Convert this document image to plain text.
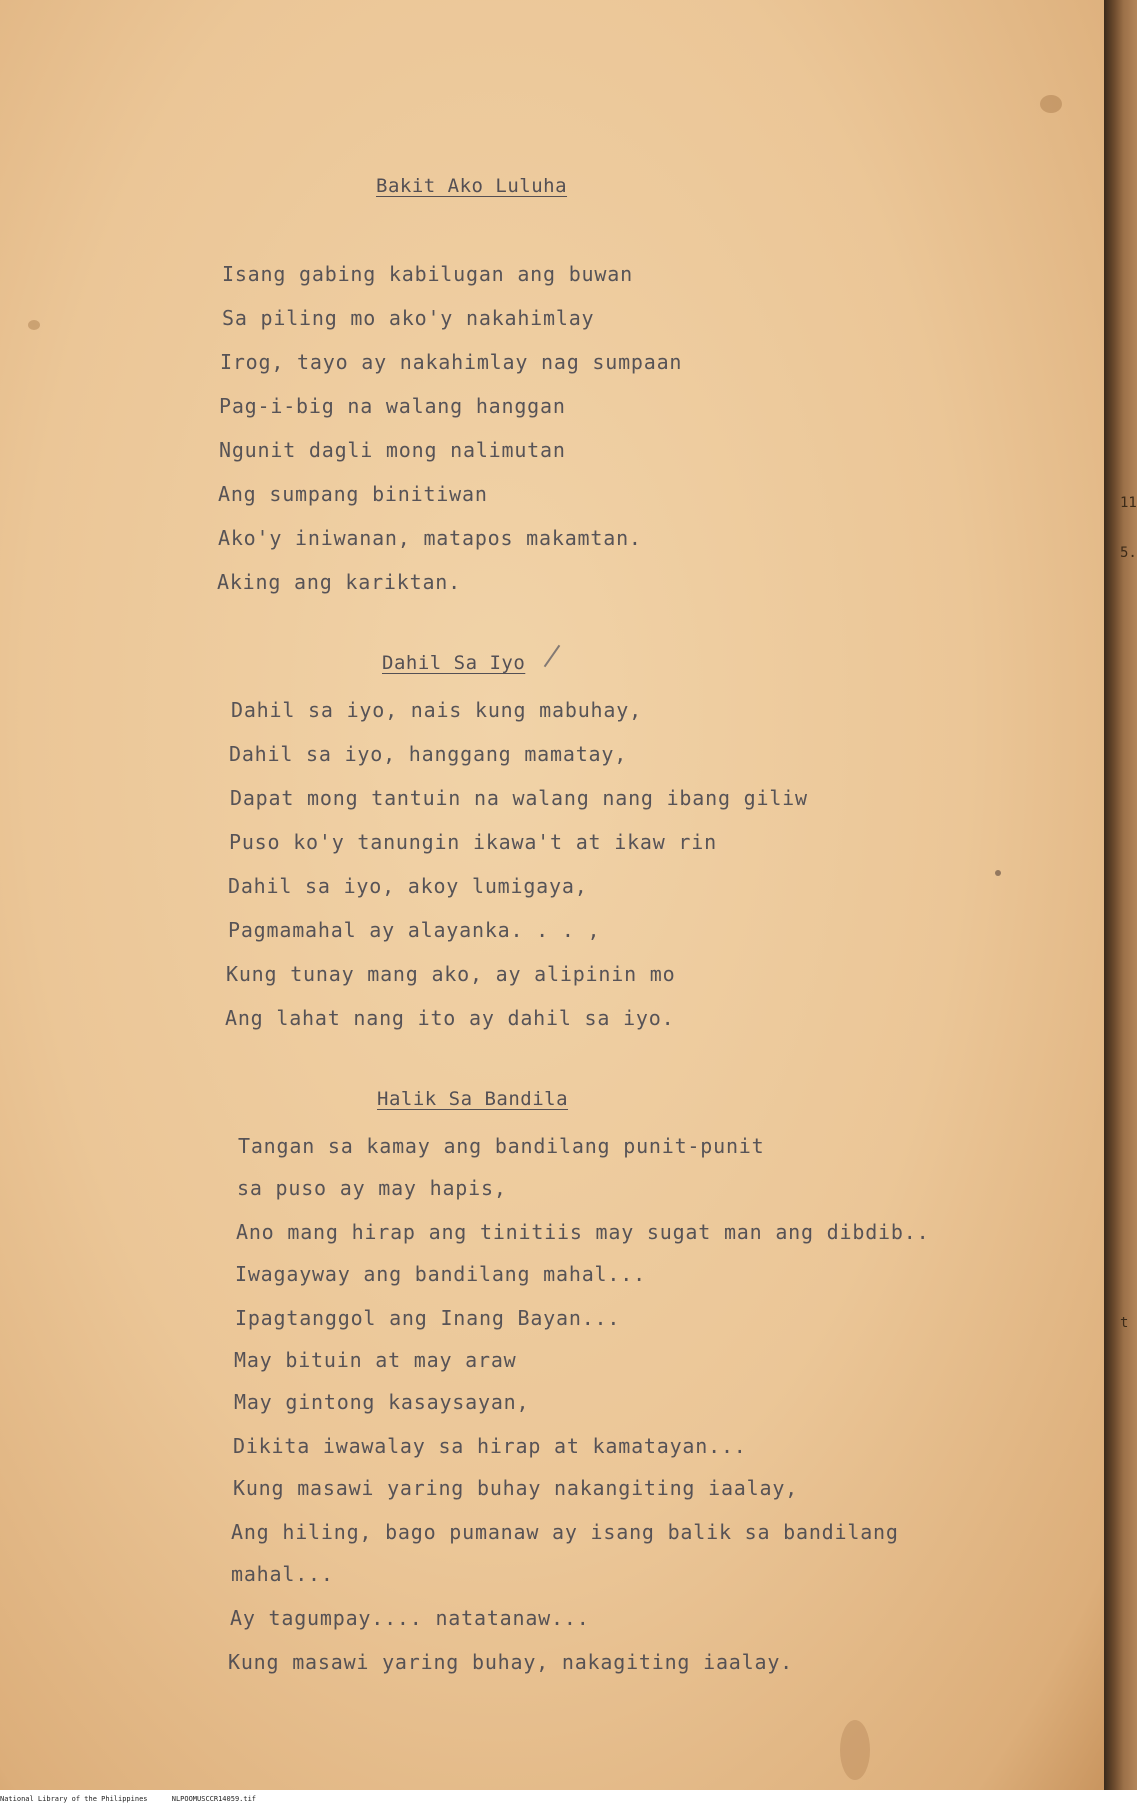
11
5.
t
Bakit Ako Luluha
Isang gabing kabilugan ang buwan
Sa piling mo ako'y nakahimlay
Irog, tayo ay nakahimlay nag sumpaan
Pag-i-big na walang hanggan
Ngunit dagli mong nalimutan
Ang sumpang binitiwan
Ako'y iniwanan, matapos makamtan.
Aking ang kariktan.
Dahil Sa Iyo
Dahil sa iyo, nais kung mabuhay,
Dahil sa iyo, hanggang mamatay,
Dapat mong tantuin na walang nang ibang giliw
Puso ko'y tanungin ikawa't at ikaw rin
Dahil sa iyo, akoy lumigaya,
Pagmamahal ay alayanka. . . ,
Kung tunay mang ako, ay alipinin mo
Ang lahat nang ito ay dahil sa iyo.
Halik Sa Bandila
Tangan sa kamay ang bandilang punit-punit
sa puso ay may hapis,
Ano mang hirap ang tinitiis may sugat man ang dibdib..
Iwagayway ang bandilang mahal...
Ipagtanggol ang Inang Bayan...
May bituin at may araw
May gintong kasaysayan,
Dikita iwawalay sa hirap at kamatayan...
Kung masawi yaring buhay nakangiting iaalay,
Ang hiling, bago pumanaw ay isang balik sa bandilang
mahal...
Ay tagumpay.... natatanaw...
Kung masawi yaring buhay, nakagiting iaalay.
National Library of the Philippines	NLPOOMUSCCR14059.tif
